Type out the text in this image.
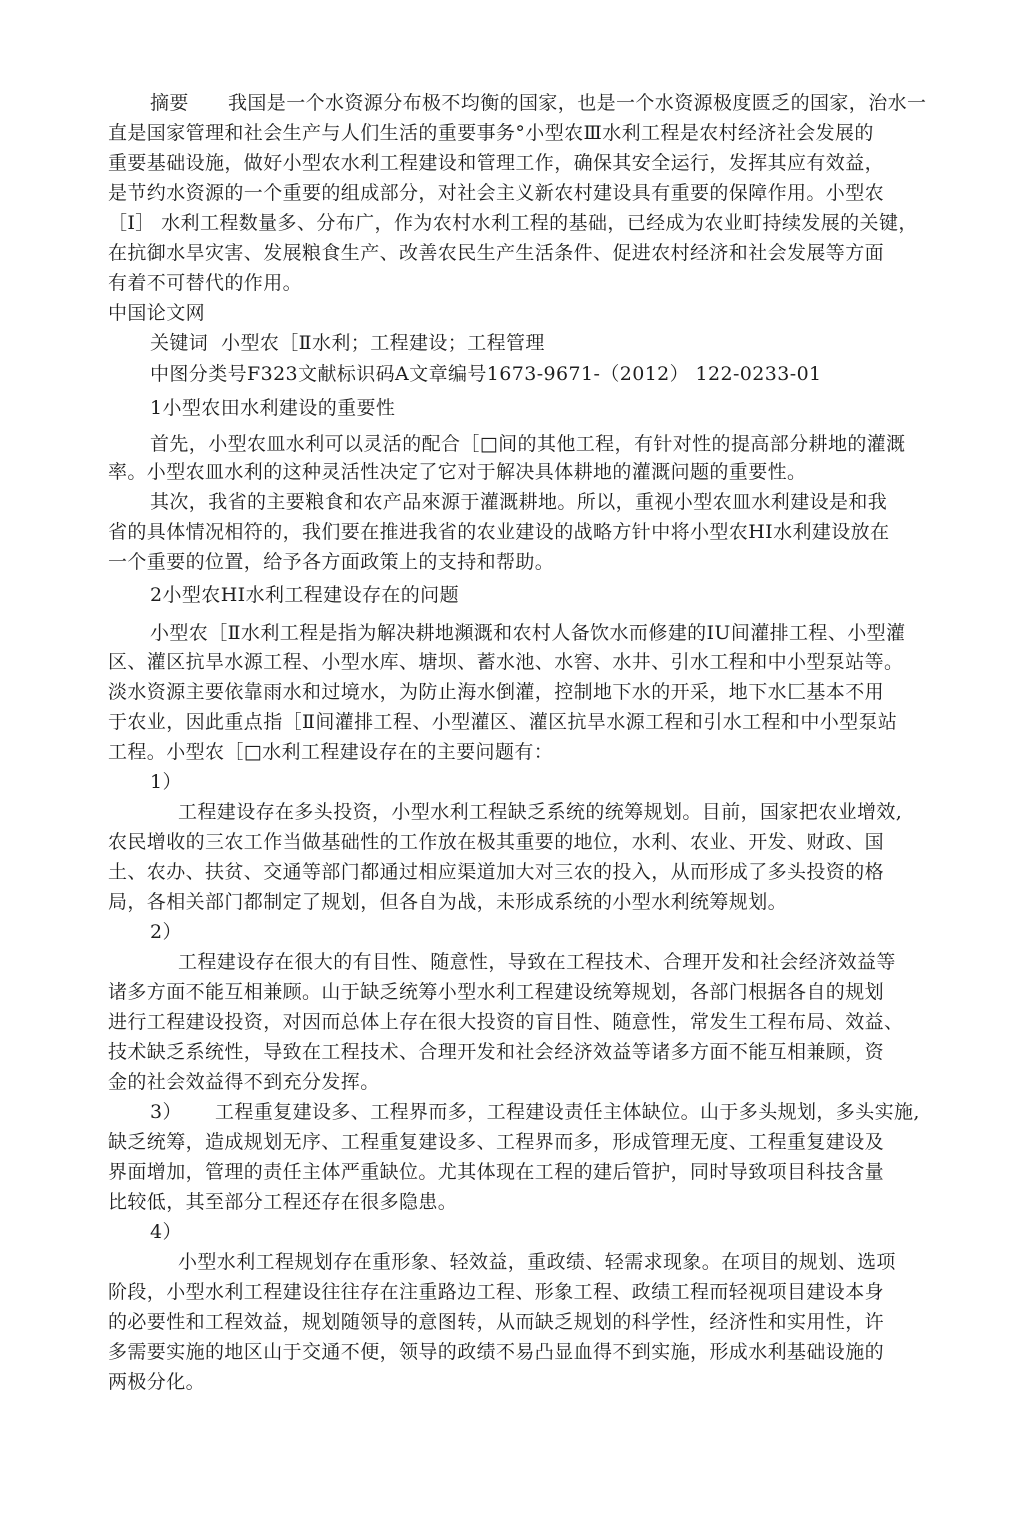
摘要 我国是一个水资源分布极不均衡的国家，也是一个水资源极度匮乏的国家，治水一
直是国家管理和社会生产与人们生活的重要事务°小型农Ⅲ水利工程是农村经济社会发展的
重要基础设施，做好小型农水利工程建设和管理工作，确保其安全运行，发挥其应有效益，
是节约水资源的一个重要的组成部分，对社会主义新农村建设具有重要的保障作用。小型农
［I］ 水利工程数量多、分布广，作为农村水利工程的基础，已经成为农业町持续发展的关键，
在抗御水旱灾害、发展粮食生产、改善农民生产生活条件、促进农村经济和社会发展等方面
有着不可替代的作用。
中国论文网
关键词  小型农［Ⅱ水利；工程建设；工程管理
中图分类号F323文献标识码A文章编号1673-9671-（2012） 122-0233-01
1小型农田水利建设的重要性
首先，小型农皿水利可以灵活的配合［□间的其他工程，有针对性的提高部分耕地的灌溉
率。小型农皿水利的这种灵活性决定了它对于解决具体耕地的灌溉问题的重要性。
其次，我省的主要粮食和农产品來源于灌溉耕地。所以，重视小型农皿水利建设是和我
省的具体情况相符的，我们要在推进我省的农业建设的战略方针中将小型农HI水利建设放在
一个重要的位置，给予各方面政策上的支持和帮助。
2小型农HI水利工程建设存在的问题
小型农［Ⅱ水利工程是指为解决耕地瀕溉和农村人备饮水而修建的IU间灌排工程、小型灌
区、灌区抗旱水源工程、小型水库、塘坝、蓄水池、水窖、水井、引水工程和中小型泵站等。
淡水资源主要依靠雨水和过境水，为防止海水倒灌，控制地下水的开采，地下水匚基本不用
于农业，因此重点指［Ⅱ间灌排工程、小型灌区、灌区抗旱水源工程和引水工程和中小型泵站
工程。小型农［□水利工程建设存在的主要问题有：
1）
工程建设存在多头投资，小型水利工程缺乏系统的统筹规划。目前，国家把农业增效,
农民增收的三农工作当做基础性的工作放在极其重要的地位，水利、农业、开发、财政、国
土、农办、扶贫、交通等部门都通过相应渠道加大对三农的投入，从而形成了多头投资的格
局，各相关部门都制定了规划，但各自为战，未形成系统的小型水利统筹规划。
2）
工程建设存在很大的有目性、随意性，导致在工程技术、合理开发和社会经济效益等
诸多方面不能互相兼顾。山于缺乏统筹小型水利工程建设统筹规划，各部门根据各自的规划
进行工程建设投资，对因而总体上存在很大投资的盲目性、随意性，常发生工程布局、效益、
技术缺乏系统性，导致在工程技术、合理开发和社会经济效益等诸多方面不能互相兼顾，资
金的社会效益得不到充分发挥。
3） 工程重复建设多、工程界而多，工程建设责任主体缺位。山于多头规划，多头实施,
缺乏统筹，造成规划无序、工程重复建设多、工程界而多，形成管理无度、工程重复建设及
界面增加，管理的责任主体严重缺位。尤其体现在工程的建后管护，同时导致项目科技含量
比较低，其至部分工程还存在很多隐患。
4）
小型水利工程规划存在重形象、轻效益，重政绩、轻需求现象。在项目的规划、选项
阶段，小型水利工程建设往往存在注重路边工程、形象工程、政绩工程而轻视项目建设本身
的必要性和工程效益，规划随领导的意图转，从而缺乏规划的科学性，经济性和实用性，许
多需要实施的地区山于交通不便，领导的政绩不易凸显血得不到实施，形成水利基础设施的
两极分化。
